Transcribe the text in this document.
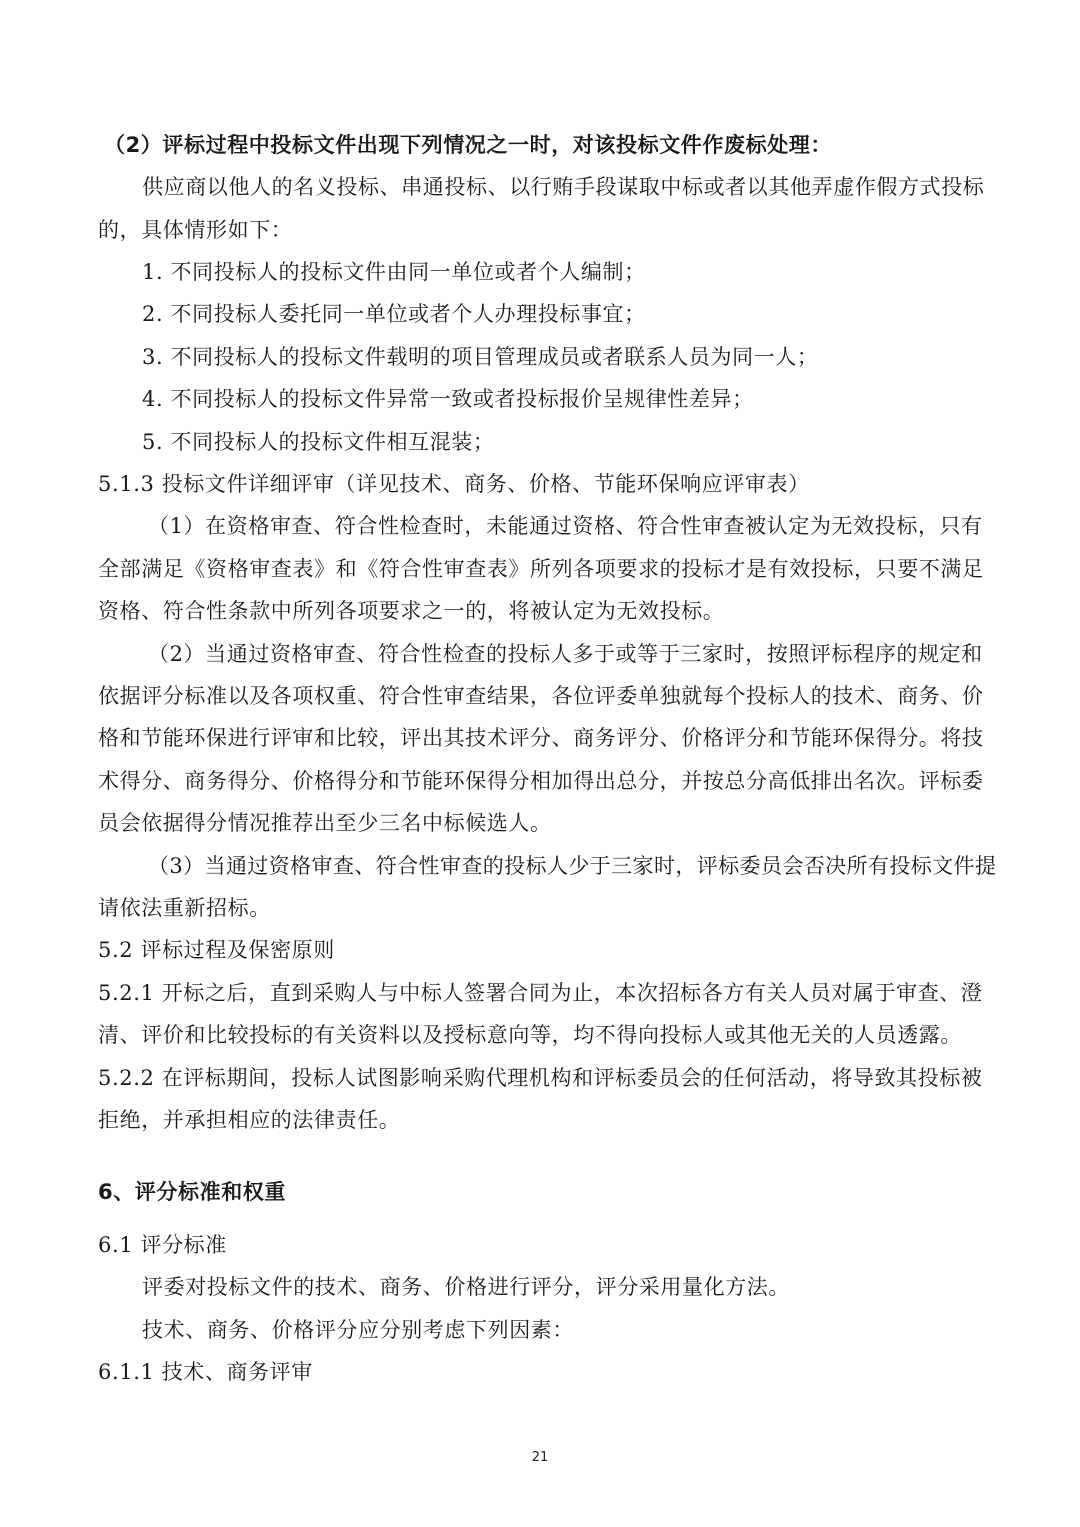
（2）评标过程中投标文件出现下列情况之一时，对该投标文件作废标处理：
供应商以他人的名义投标、串通投标、以行贿手段谋取中标或者以其他弄虚作假方式投标
的，具体情形如下：
1. 不同投标人的投标文件由同一单位或者个人编制；
2. 不同投标人委托同一单位或者个人办理投标事宜；
3. 不同投标人的投标文件载明的项目管理成员或者联系人员为同一人；
4. 不同投标人的投标文件异常一致或者投标报价呈规律性差异；
5. 不同投标人的投标文件相互混装；
5.1.3 投标文件详细评审（详见技术、商务、价格、节能环保响应评审表）
（1）在资格审查、符合性检查时，未能通过资格、符合性审查被认定为无效投标，只有
全部满足《资格审查表》和《符合性审查表》所列各项要求的投标才是有效投标，只要不满足
资格、符合性条款中所列各项要求之一的，将被认定为无效投标。
（2）当通过资格审查、符合性检查的投标人多于或等于三家时，按照评标程序的规定和
依据评分标准以及各项权重、符合性审查结果，各位评委单独就每个投标人的技术、商务、价
格和节能环保进行评审和比较，评出其技术评分、商务评分、价格评分和节能环保得分。将技
术得分、商务得分、价格得分和节能环保得分相加得出总分，并按总分高低排出名次。评标委
员会依据得分情况推荐出至少三名中标候选人。
（3）当通过资格审查、符合性审查的投标人少于三家时，评标委员会否决所有投标文件提
请依法重新招标。
5.2 评标过程及保密原则
5.2.1 开标之后，直到采购人与中标人签署合同为止，本次招标各方有关人员对属于审查、澄
清、评价和比较投标的有关资料以及授标意向等，均不得向投标人或其他无关的人员透露。
5.2.2 在评标期间，投标人试图影响采购代理机构和评标委员会的任何活动，将导致其投标被
拒绝，并承担相应的法律责任。
6、评分标准和权重
6.1 评分标准
评委对投标文件的技术、商务、价格进行评分，评分采用量化方法。
技术、商务、价格评分应分别考虑下列因素：
6.1.1 技术、商务评审
21
